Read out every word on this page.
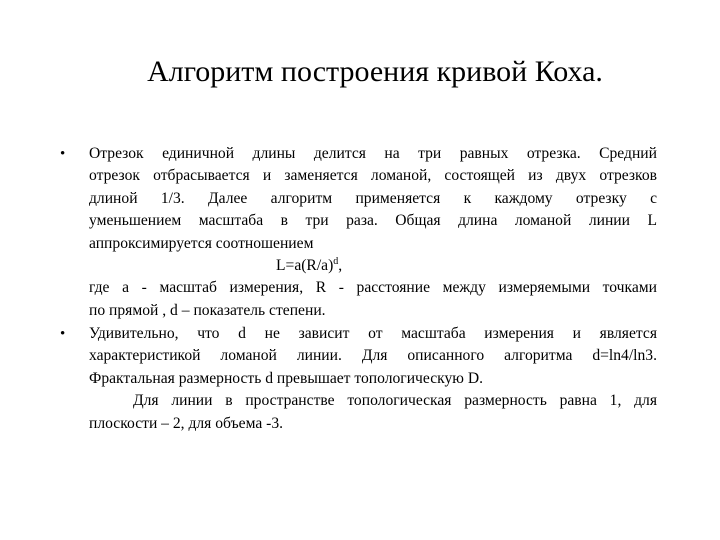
Алгоритм построения кривой Коха.
• Отрезок единичной длины делится на три равных отрезка. Средний
отрезок отбрасывается и заменяется ломаной, состоящей из двух отрезков
длиной 1/3. Далее алгоритм применяется к каждому отрезку с
уменьшением масштаба в три раза. Общая длина ломаной линии L
аппроксимируется соотношением
$L=a(R/a)^d$,
где a - масштаб измерения, R - расстояние между измеряемыми точками
по прямой , d – показатель степени.
• Удивительно, что d не зависит от масштаба измерения и является
характеристикой ломаной линии. Для описанного алгоритма d=ln4/ln3.
Фрактальная размерность d превышает топологическую D.
Для линии в пространстве топологическая размерность равна 1, для
плоскости – 2, для объема -3.
